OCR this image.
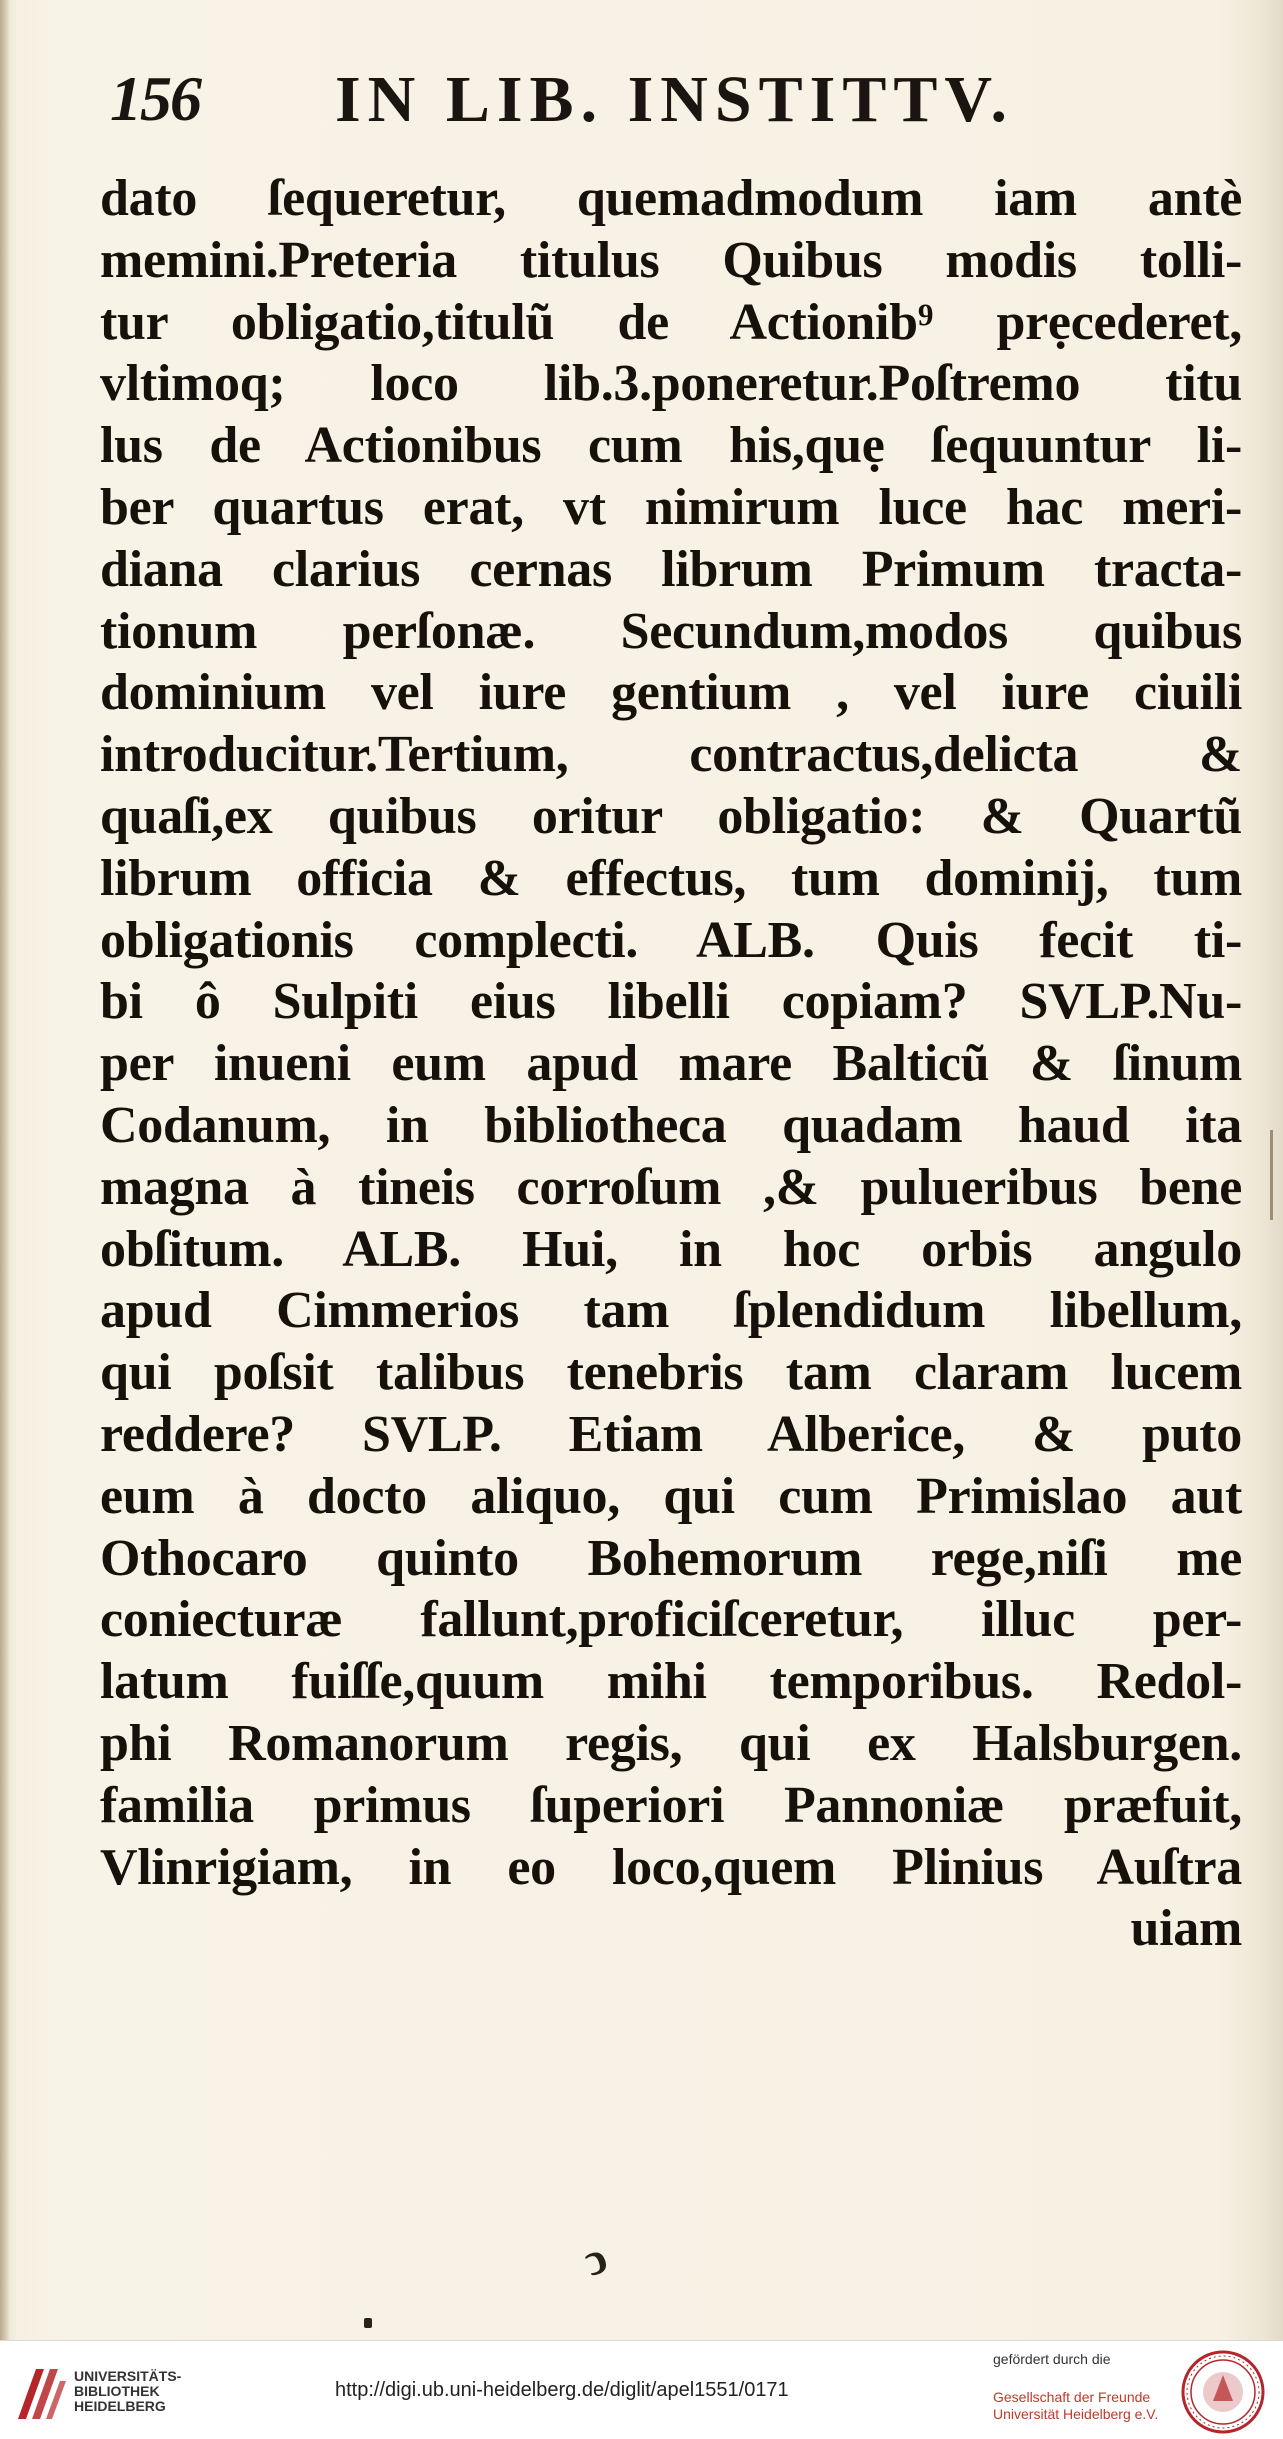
156 IN LIB. INSTITTV.
dato ſequeretur, quemadmodum iam antè
memini.Preteria titulus Quibus modis tolli-
tur obligatio,titulũ de Actionib⁹ prẹcederet,
vltimoq; loco lib.3.poneretur.Poſtremo titu
lus de Actionibus cum his,quẹ ſequuntur li-
ber quartus erat, vt nimirum luce hac meri-
diana clarius cernas librum Primum tracta-
tionum perſonæ. Secundum,modos quibus
dominium vel iure gentium , vel iure ciuili
introducitur.Tertium, contractus,delicta &
quaſi,ex quibus oritur obligatio: & Quartũ
librum officia & effectus, tum dominij, tum
obligationis complecti. ALB. Quis fecit ti-
bi ô Sulpiti eius libelli copiam? SVLP.Nu-
per inueni eum apud mare Balticũ & ſinum
Codanum, in bibliotheca quadam haud ita
magna à tineis corroſum ,& pulueribus bene
obſitum. ALB. Hui, in hoc orbis angulo
apud Cimmerios tam ſplendidum libellum,
qui poſsit talibus tenebris tam claram lucem
reddere? SVLP. Etiam Alberice, & puto
eum à docto aliquo, qui cum Primislao aut
Othocaro quinto Bohemorum rege,niſi me
coniecturæ fallunt,proficiſceretur, illuc per-
latum fuiſſe,quum mihi temporibus. Redol-
phi Romanorum regis, qui ex Halsburgen.
familia primus ſuperiori Pannoniæ præfuit,
Vlinrigiam, in eo loco,quem Plinius Auſtra
uiam
ↄ
UNIVERSITÄTS-
BIBLIOTHEK
HEIDELBERG
http://digi.ub.uni-heidelberg.de/diglit/apel1551/0171
gefördert durch die
Gesellschaft der Freunde
Universität Heidelberg e.V.
